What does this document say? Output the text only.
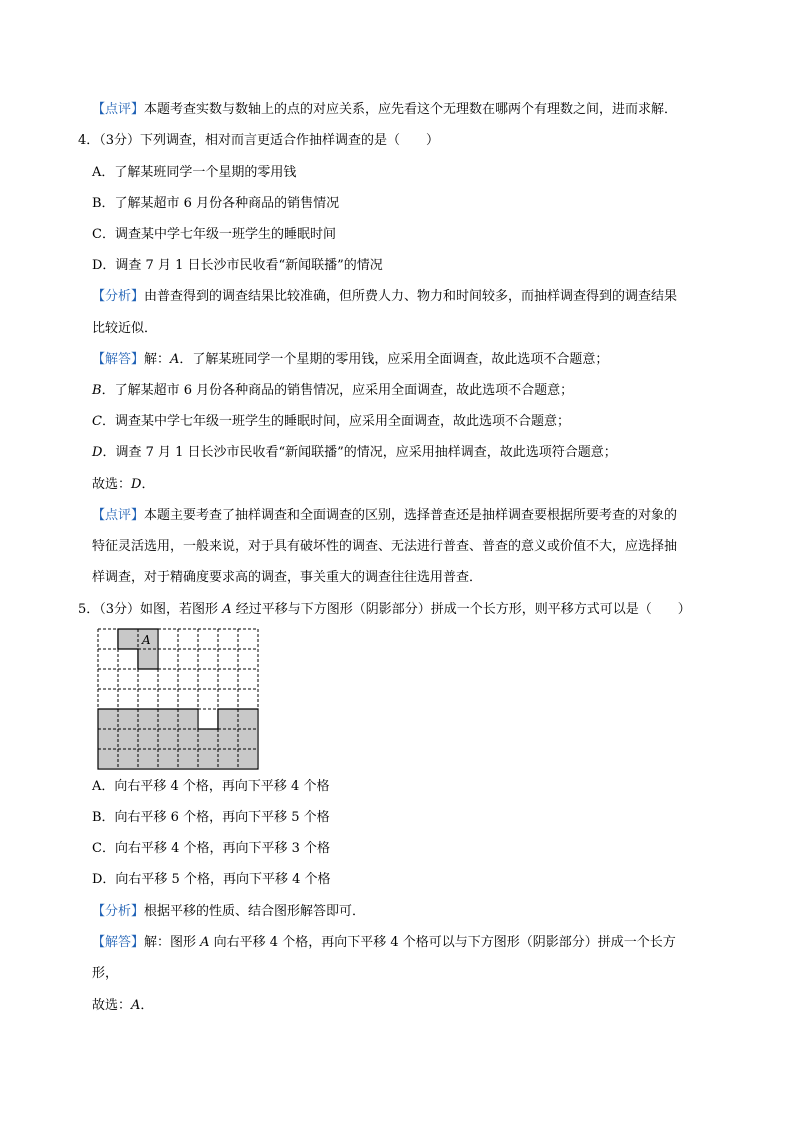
【点评】本题考查实数与数轴上的点的对应关系，应先看这个无理数在哪两个有理数之间，进而求解．
4．（3分）下列调查，相对而言更适合作抽样调查的是（　　）
A．了解某班同学一个星期的零用钱
B．了解某超市 6 月份各种商品的销售情况
C．调查某中学七年级一班学生的睡眠时间
D．调查 7 月 1 日长沙市民收看“新闻联播”的情况
【分析】由普查得到的调查结果比较准确，但所费人力、物力和时间较多，而抽样调查得到的调查结果
比较近似．
【解答】解：A．了解某班同学一个星期的零用钱，应采用全面调查，故此选项不合题意；
B．了解某超市 6 月份各种商品的销售情况，应采用全面调查，故此选项不合题意；
C．调查某中学七年级一班学生的睡眠时间，应采用全面调查，故此选项不合题意；
D．调查 7 月 1 日长沙市民收看“新闻联播”的情况，应采用抽样调查，故此选项符合题意；
故选：D．
【点评】本题主要考查了抽样调查和全面调查的区别，选择普查还是抽样调查要根据所要考查的对象的
特征灵活选用，一般来说，对于具有破坏性的调查、无法进行普查、普查的意义或价值不大，应选择抽
样调查，对于精确度要求高的调查，事关重大的调查往往选用普查．
5．（3分）如图，若图形 A 经过平移与下方图形（阴影部分）拼成一个长方形，则平移方式可以是（　　）
A
A．向右平移 4 个格，再向下平移 4 个格
B．向右平移 6 个格，再向下平移 5 个格
C．向右平移 4 个格，再向下平移 3 个格
D．向右平移 5 个格，再向下平移 4 个格
【分析】根据平移的性质、结合图形解答即可．
【解答】解：图形 A 向右平移 4 个格，再向下平移 4 个格可以与下方图形（阴影部分）拼成一个长方
形，
故选：A．
